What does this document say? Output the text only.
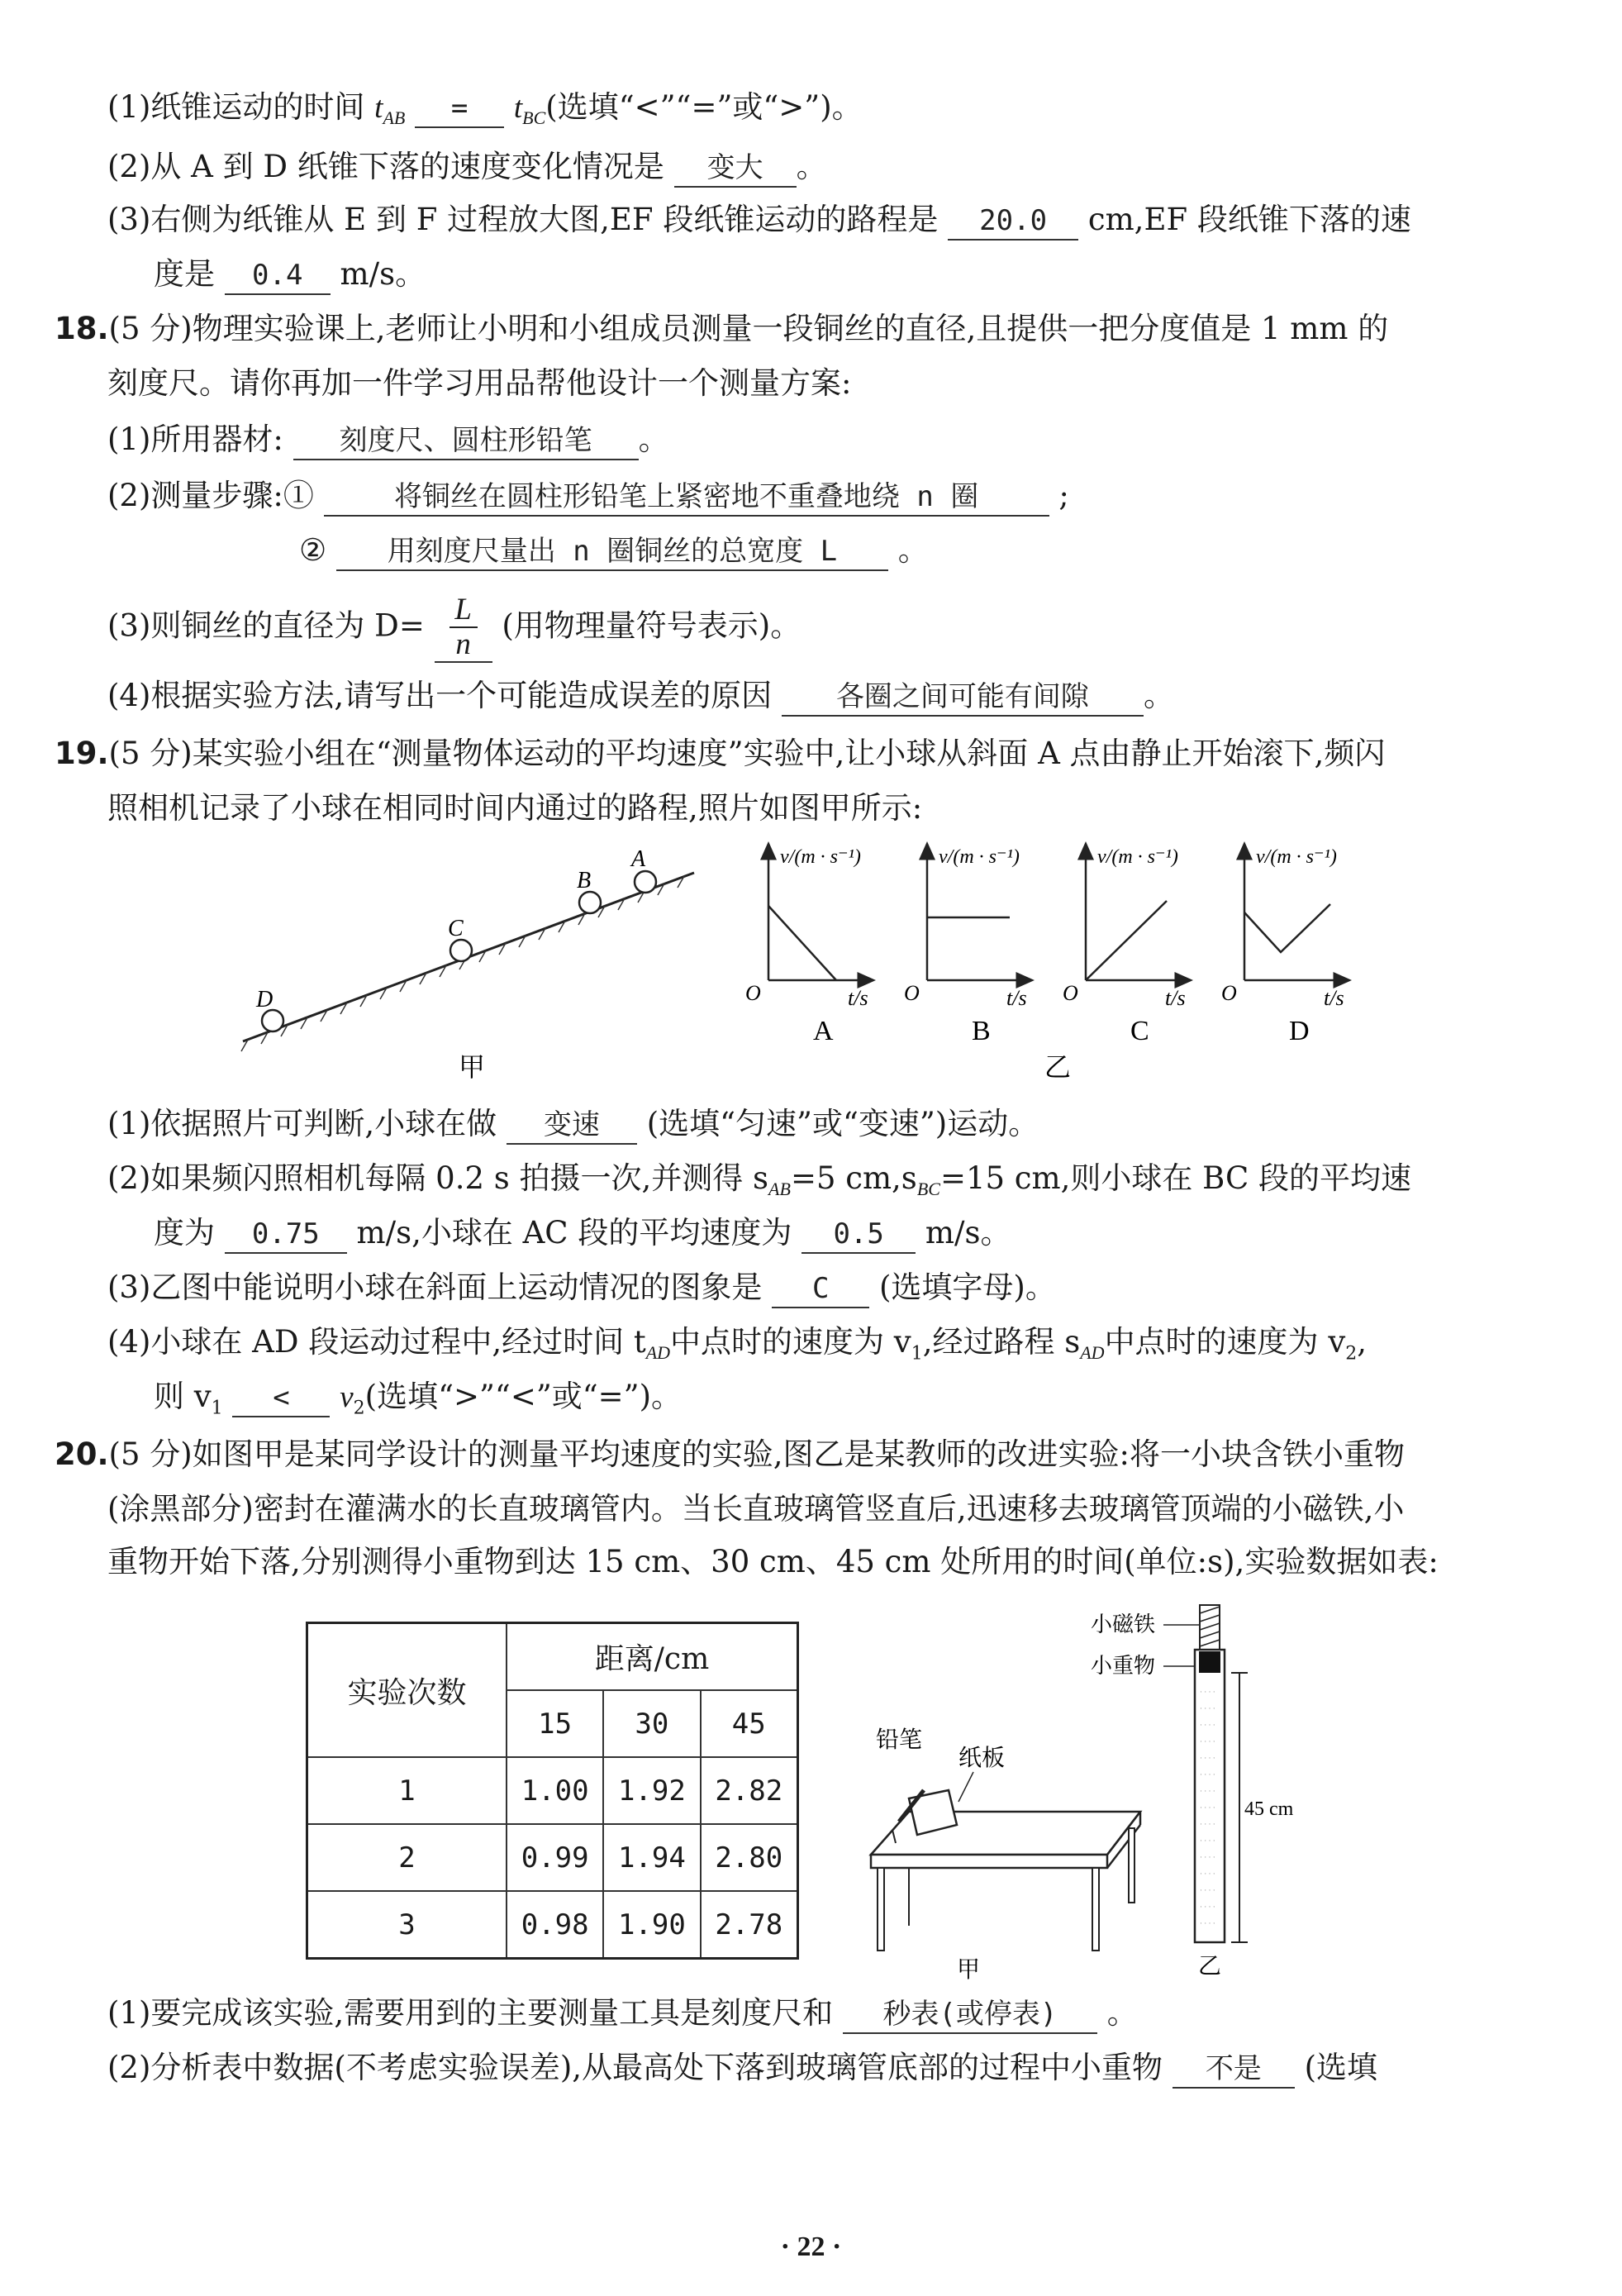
(1)纸锥运动的时间 $t_{AB} = t_{BC}$(选填“<”“=”或“>”)。
(2)从 A 到 D 纸锥下落的速度变化情况是 变大 。
(3)右侧为纸锥从 E 到 F 过程放大图,EF 段纸锥运动的路程是 20.0 cm,EF 段纸锥下落的速
度是 0.4 m/s。
18.(5 分)物理实验课上,老师让小明和小组成员测量一段铜丝的直径,且提供一把分度值是 1 mm 的
刻度尺。请你再加一件学习用品帮他设计一个测量方案:
(1)所用器材: 刻度尺、圆柱形铅笔 。
(2)测量步骤:①	将铜丝在圆柱形铅笔上紧密地不重叠地绕 n 圈	;
② 用刻度尺量出 n 圈铜丝的总宽度 L 。
(3)则铜丝的直径为 $D= \frac{L}{n}$ (用物理量符号表示)。
(4)根据实验方法,请写出一个可能造成误差的原因 各圈之间可能有间隙 。
19.(5 分)某实验小组在“测量物体运动的平均速度”实验中,让小球从斜面 A 点由静止开始滚下,频闪
照相机记录了小球在相同时间内通过的路程,照片如图甲所示:
D
C
B
A
甲
v/(m · s⁻¹)
O	t/s
A
v/(m · s⁻¹)
O	t/s
B
v/(m · s⁻¹)
O	t/s
C
v/(m · s⁻¹)
O	t/s
D
乙
(1)依据照片可判断,小球在做 变速 (选填“匀速”或“变速”)运动。
(2)如果频闪照相机每隔 0.2 s 拍摄一次,并测得 $s_{AB}=5$ $cm,s_{BC}=15$ cm,则小球在 BC 段的平均速
度为 0.75 m/s,小球在 AC 段的平均速度为 0.5 m/s。
(3)乙图中能说明小球在斜面上运动情况的图象是 C (选填字母)。
(4)小球在 AD 段运动过程中,经过时间 $t_{AD}$中点时的速度为 $v_1$,经过路程 $s_{AD}$中点时的速度为 $v_2$,
则 $v_1 < v_2$(选填“>”“<”或“=”)。
20.(5 分)如图甲是某同学设计的测量平均速度的实验,图乙是某教师的改进实验:将一小块含铁小重物
(涂黑部分)密封在灌满水的长直玻璃管内。当长直玻璃管竖直后,迅速移去玻璃管顶端的小磁铁,小
重物开始下落,分别测得小重物到达 15 cm、30 cm、45 cm 处所用的时间(单位:s),实验数据如表:
实验次数	距离/cm		
	15	30	45
1	1.00	1.92	2.82
2	0.99	1.94	2.80
3	0.98	1.90	2.78
铅笔
纸板
甲
小磁铁
小重物
· · · ·
· · · ·
· · · ·
· · · ·
· · · ·
· · · ·
· · · ·
· · · ·
· · · ·
· · · ·
· · · ·
· · · ·
· · · ·
· · · ·
· · · ·
45 cm
乙
(1)要完成该实验,需要用到的主要测量工具是刻度尺和 秒表(或停表) 。
(2)分析表中数据(不考虑实验误差),从最高处下落到玻璃管底部的过程中小重物 不是 (选填
· 22 ·
